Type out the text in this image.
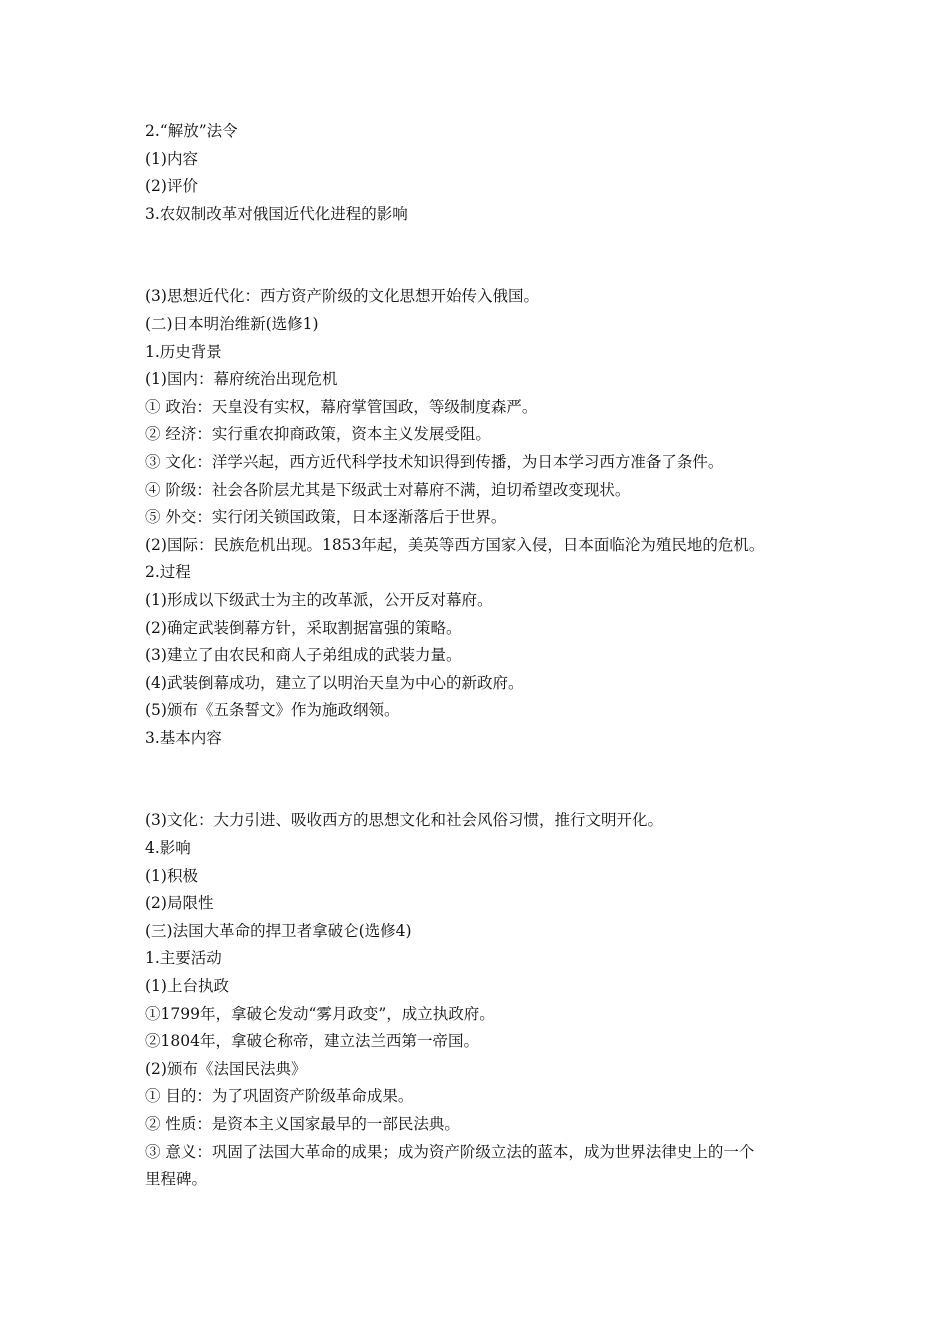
2.“解放”法令
(1)内容
(2)评价
3.农奴制改革对俄国近代化进程的影响
(3)思想近代化：西方资产阶级的文化思想开始传入俄国。
(二)日本明治维新(选修1)
1.历史背景
(1)国内：幕府统治出现危机
① 政治：天皇没有实权，幕府掌管国政，等级制度森严。
② 经济：实行重农抑商政策，资本主义发展受阻。
③ 文化：洋学兴起，西方近代科学技术知识得到传播，为日本学习西方准备了条件。
④ 阶级：社会各阶层尤其是下级武士对幕府不满，迫切希望改变现状。
⑤ 外交：实行闭关锁国政策，日本逐渐落后于世界。
(2)国际：民族危机出现。1853年起，美英等西方国家入侵，日本面临沦为殖民地的危机。
2.过程
(1)形成以下级武士为主的改革派，公开反对幕府。
(2)确定武装倒幕方针，采取割据富强的策略。
(3)建立了由农民和商人子弟组成的武装力量。
(4)武装倒幕成功，建立了以明治天皇为中心的新政府。
(5)颁布《五条誓文》作为施政纲领。
3.基本内容
(3)文化：大力引进、吸收西方的思想文化和社会风俗习惯，推行文明开化。
4.影响
(1)积极
(2)局限性
(三)法国大革命的捍卫者拿破仑(选修4)
1.主要活动
(1)上台执政
①1799年，拿破仑发动“雾月政变”，成立执政府。
②1804年，拿破仑称帝，建立法兰西第一帝国。
(2)颁布《法国民法典》
① 目的：为了巩固资产阶级革命成果。
② 性质：是资本主义国家最早的一部民法典。
③ 意义：巩固了法国大革命的成果；成为资产阶级立法的蓝本，成为世界法律史上的一个
里程碑。
